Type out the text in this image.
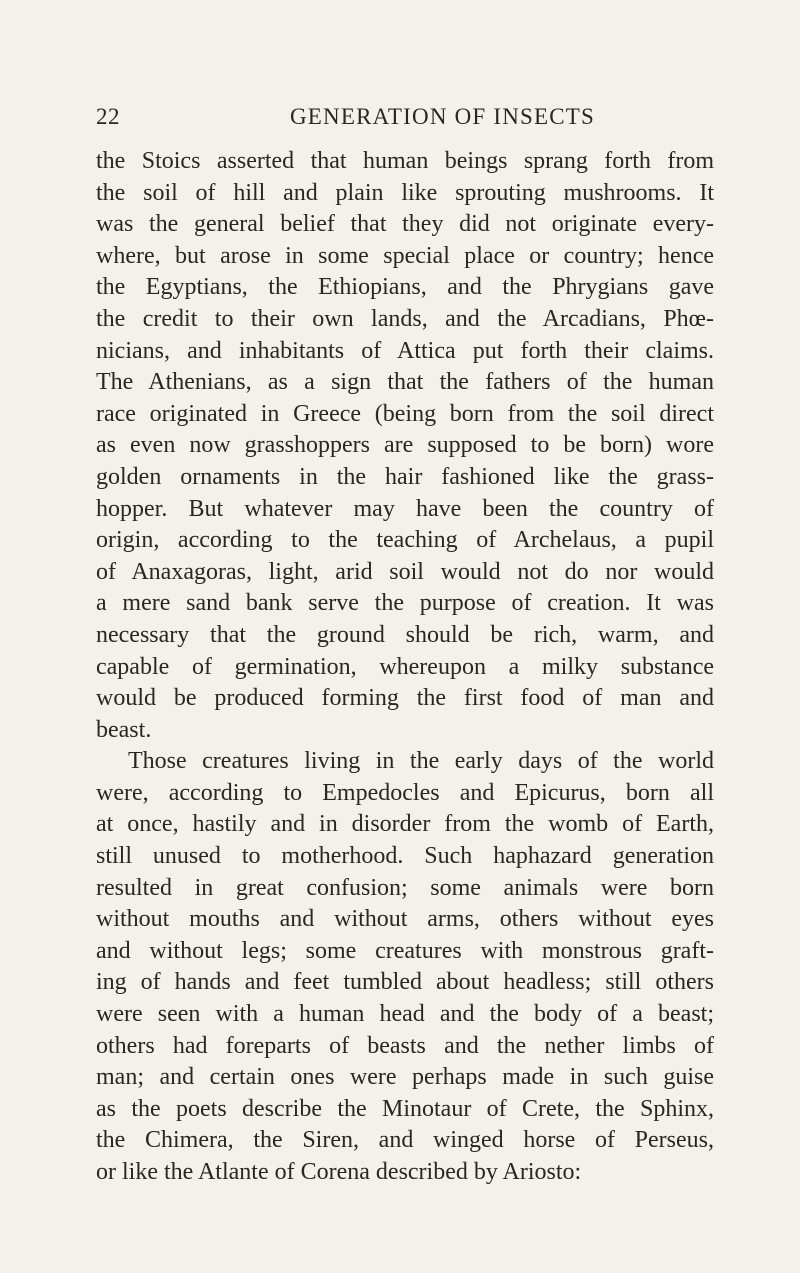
22	GENERATION OF INSECTS
the Stoics asserted that human beings sprang forth from
the soil of hill and plain like sprouting mushrooms. It
was the general belief that they did not originate every-
where, but arose in some special place or country; hence
the Egyptians, the Ethiopians, and the Phrygians gave
the credit to their own lands, and the Arcadians, Phœ-
nicians, and inhabitants of Attica put forth their claims.
The Athenians, as a sign that the fathers of the human
race originated in Greece (being born from the soil direct
as even now grasshoppers are supposed to be born) wore
golden ornaments in the hair fashioned like the grass-
hopper. But whatever may have been the country of
origin, according to the teaching of Archelaus, a pupil
of Anaxagoras, light, arid soil would not do nor would
a mere sand bank serve the purpose of creation. It was
necessary that the ground should be rich, warm, and
capable of germination, whereupon a milky substance
would be produced forming the first food of man and
beast.
Those creatures living in the early days of the world
were, according to Empedocles and Epicurus, born all
at once, hastily and in disorder from the womb of Earth,
still unused to motherhood. Such haphazard generation
resulted in great confusion; some animals were born
without mouths and without arms, others without eyes
and without legs; some creatures with monstrous graft-
ing of hands and feet tumbled about headless; still others
were seen with a human head and the body of a beast;
others had foreparts of beasts and the nether limbs of
man; and certain ones were perhaps made in such guise
as the poets describe the Minotaur of Crete, the Sphinx,
the Chimera, the Siren, and winged horse of Perseus,
or like the Atlante of Corena described by Ariosto:
